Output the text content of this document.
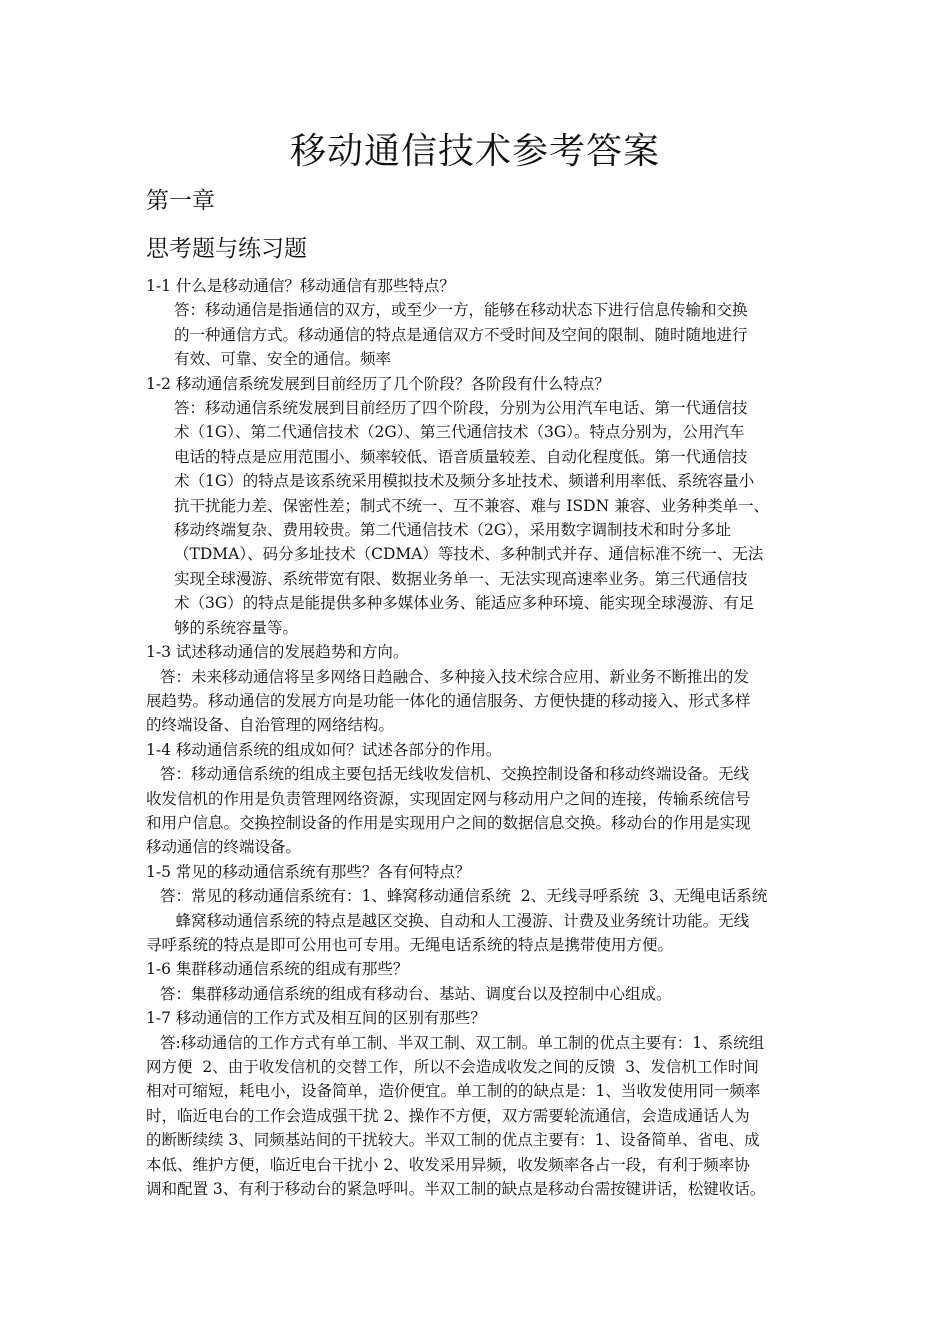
移动通信技术参考答案
第一章
思考题与练习题

1-1 什么是移动通信？移动通信有那些特点？

答：移动通信是指通信的双方，或至少一方，能够在移动状态下进行信息传输和交换
的一种通信方式。移动通信的特点是通信双方不受时间及空间的限制、随时随地进行
有效、可靠、安全的通信。频率

1-2 移动通信系统发展到目前经历了几个阶段？各阶段有什么特点？

答：移动通信系统发展到目前经历了四个阶段，分别为公用汽车电话、第一代通信技
术（1G）、第二代通信技术（2G）、第三代通信技术（3G）。特点分别为，公用汽车
电话的特点是应用范围小、频率较低、语音质量较差、自动化程度低。第一代通信技
术（1G）的特点是该系统采用模拟技术及频分多址技术、频谱利用率低、系统容量小
抗干扰能力差、保密性差；制式不统一、互不兼容、难与 ISDN 兼容、业务种类单一、
移动终端复杂、费用较贵。第二代通信技术（2G），采用数字调制技术和时分多址
（TDMA）、码分多址技术（CDMA）等技术、多种制式并存、通信标准不统一、无法
实现全球漫游、系统带宽有限、数据业务单一、无法实现高速率业务。第三代通信技
术（3G）的特点是能提供多种多媒体业务、能适应多种环境、能实现全球漫游、有足
够的系统容量等。

1-3 试述移动通信的发展趋势和方向。

答：未来移动通信将呈多网络日趋融合、多种接入技术综合应用、新业务不断推出的发
展趋势。移动通信的发展方向是功能一体化的通信服务、方便快捷的移动接入、形式多样
的终端设备、自治管理的网络结构。

1-4 移动通信系统的组成如何？试述各部分的作用。

答：移动通信系统的组成主要包括无线收发信机、交换控制设备和移动终端设备。无线
收发信机的作用是负责管理网络资源，实现固定网与移动用户之间的连接，传输系统信号
和用户信息。交换控制设备的作用是实现用户之间的数据信息交换。移动台的作用是实现
移动通信的终端设备。

1-5 常见的移动通信系统有那些？各有何特点？

答：常见的移动通信系统有：1、蜂窝移动通信系统  2、无线寻呼系统  3、无绳电话系统
蜂窝移动通信系统的特点是越区交换、自动和人工漫游、计费及业务统计功能。无线
寻呼系统的特点是即可公用也可专用。无绳电话系统的特点是携带使用方便。

1-6 集群移动通信系统的组成有那些？

答：集群移动通信系统的组成有移动台、基站、调度台以及控制中心组成。

1-7 移动通信的工作方式及相互间的区别有那些？

答:移动通信的工作方式有单工制、半双工制、双工制。单工制的优点主要有：1、系统组
网方便  2、由于收发信机的交替工作，所以不会造成收发之间的反馈  3、发信机工作时间
相对可缩短，耗电小，设备简单，造价便宜。单工制的的缺点是：1、当收发使用同一频率
时，临近电台的工作会造成强干扰 2、操作不方便，双方需要轮流通信，会造成通话人为
的断断续续 3、同频基站间的干扰较大。半双工制的优点主要有：1、设备简单、省电、成
本低、维护方便，临近电台干扰小 2、收发采用异频，收发频率各占一段，有利于频率协
调和配置 3、有利于移动台的紧急呼叫。半双工制的缺点是移动台需按键讲话，松键收话。
